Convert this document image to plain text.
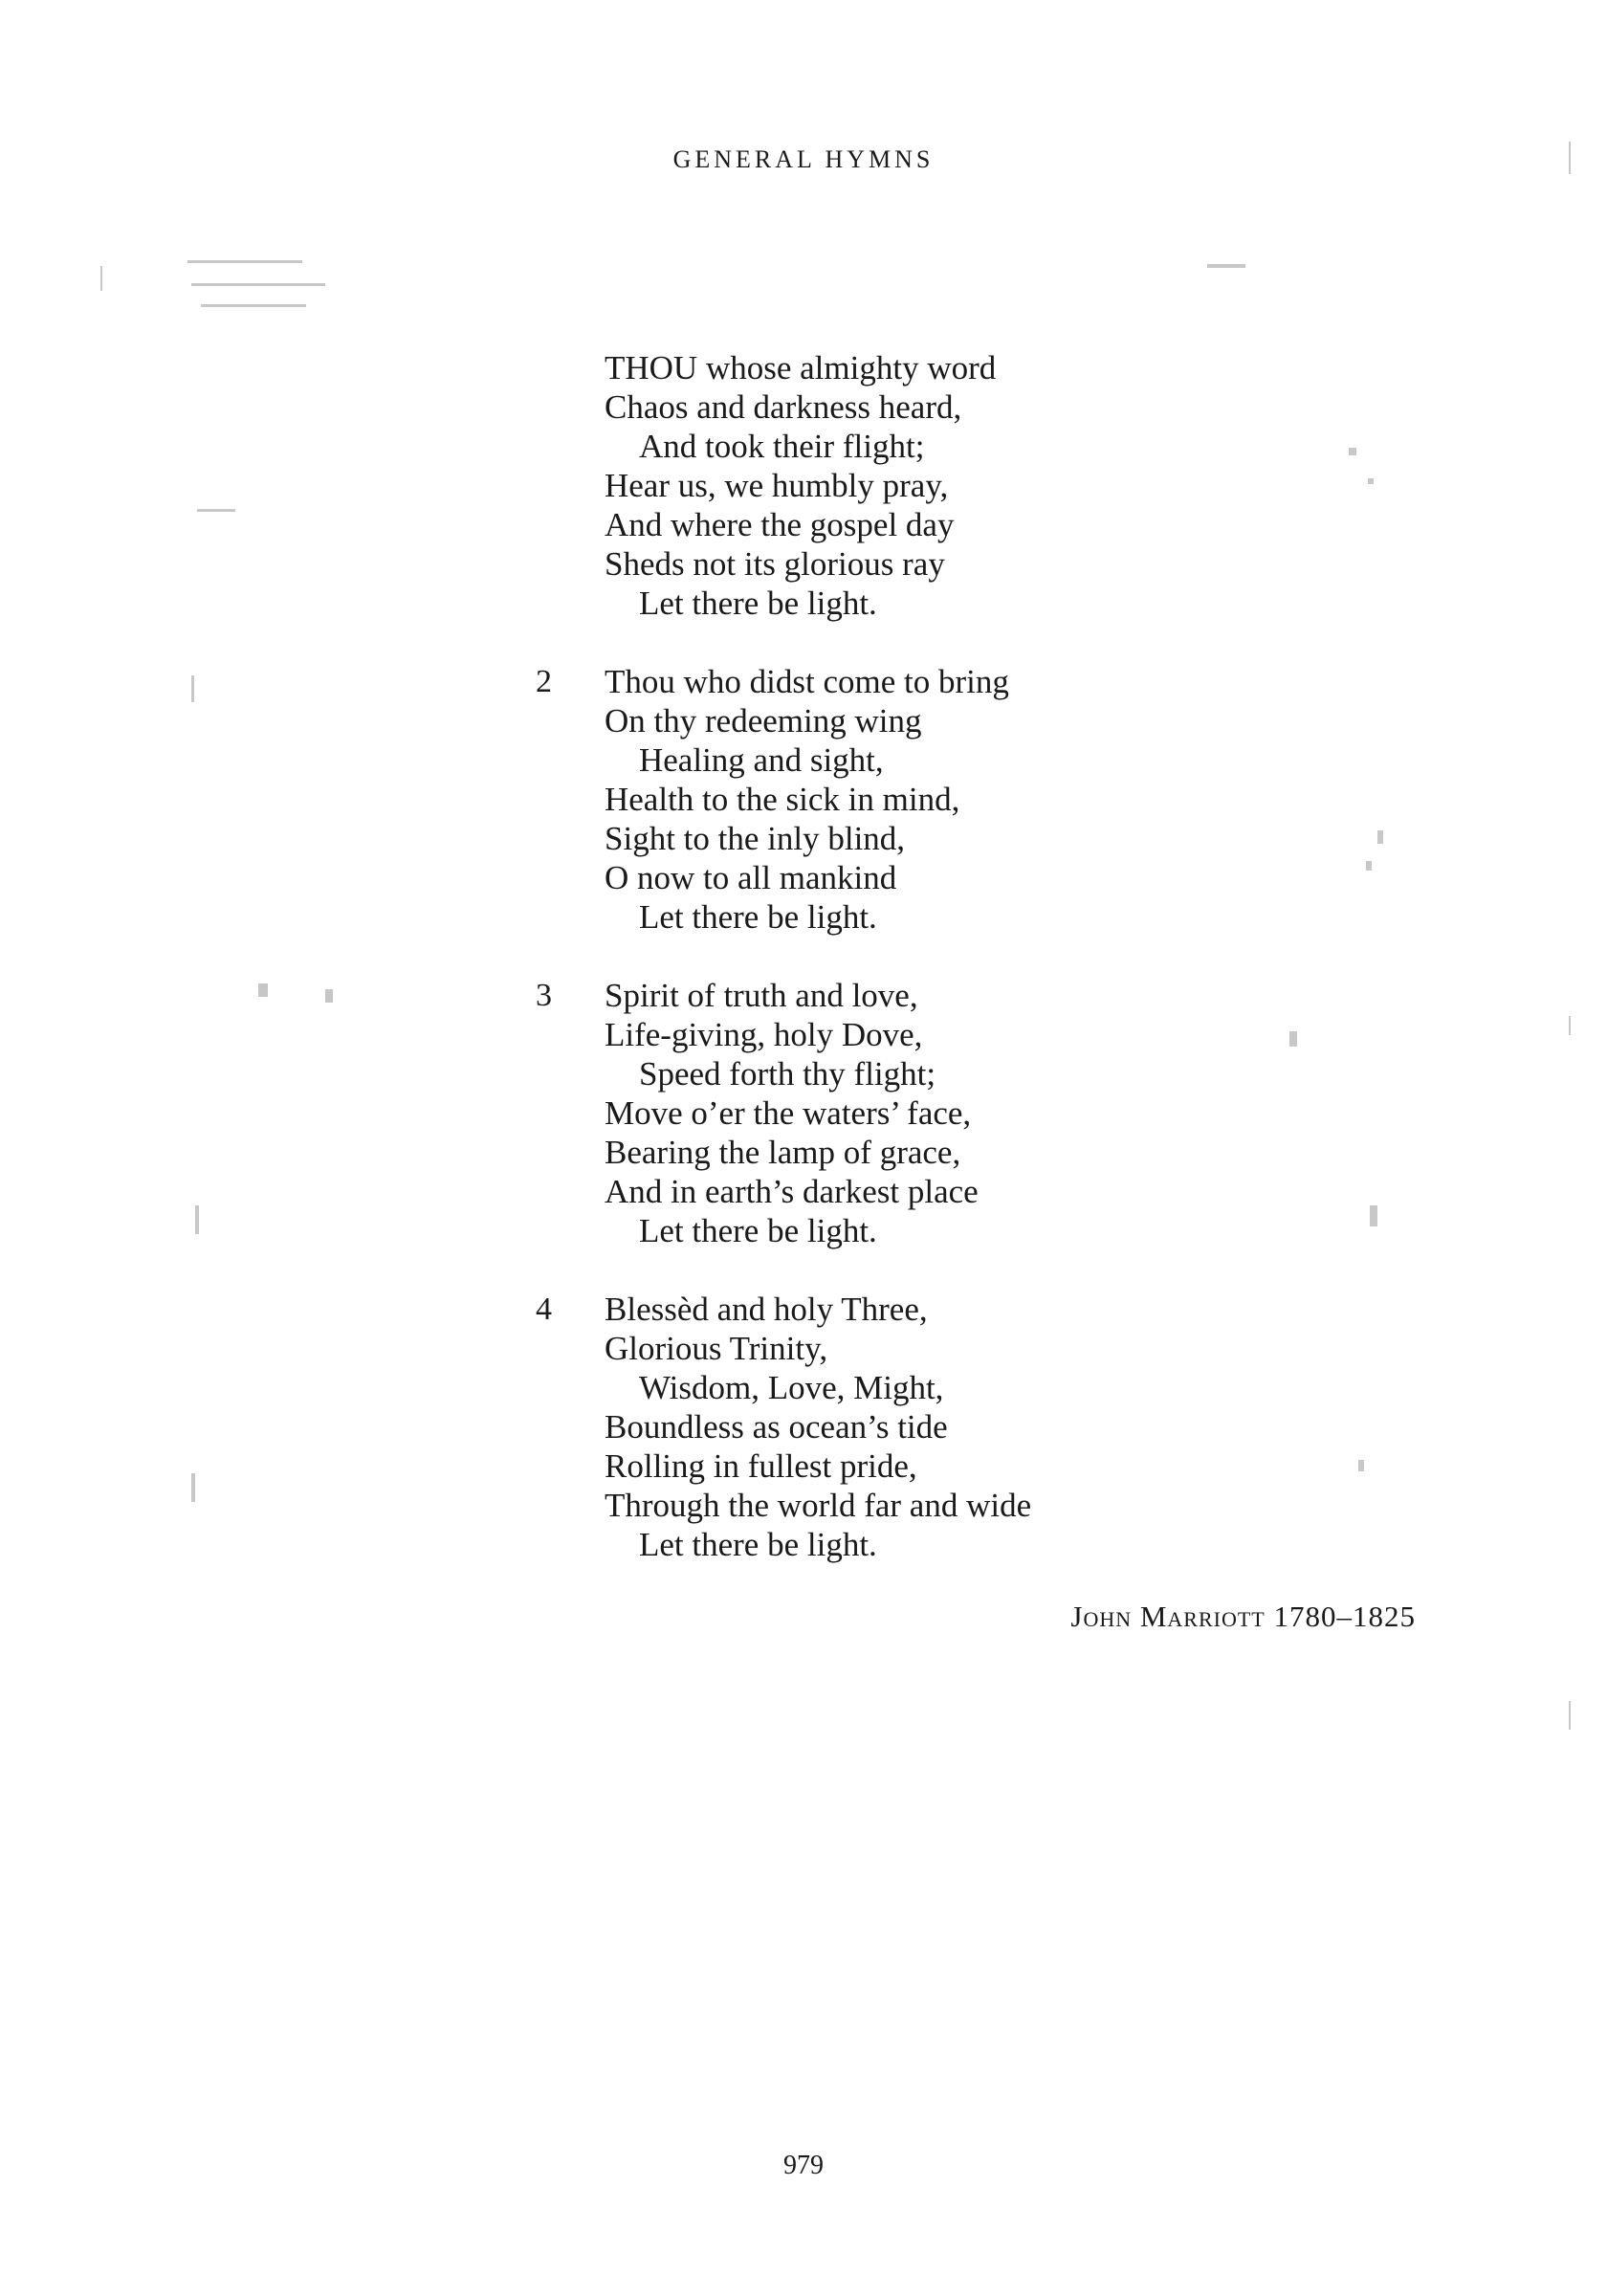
GENERAL HYMNS
THOU whose almighty word
Chaos and darkness heard,
And took their flight;
Hear us, we humbly pray,
And where the gospel day
Sheds not its glorious ray
Let there be light.
2 Thou who didst come to bring
On thy redeeming wing
Healing and sight,
Health to the sick in mind,
Sight to the inly blind,
O now to all mankind
Let there be light.
3 Spirit of truth and love,
Life-giving, holy Dove,
Speed forth thy flight;
Move o’er the waters’ face,
Bearing the lamp of grace,
And in earth’s darkest place
Let there be light.
4 Blessèd and holy Three,
Glorious Trinity,
Wisdom, Love, Might,
Boundless as ocean’s tide
Rolling in fullest pride,
Through the world far and wide
Let there be light.
John Marriott 1780–1825
979
